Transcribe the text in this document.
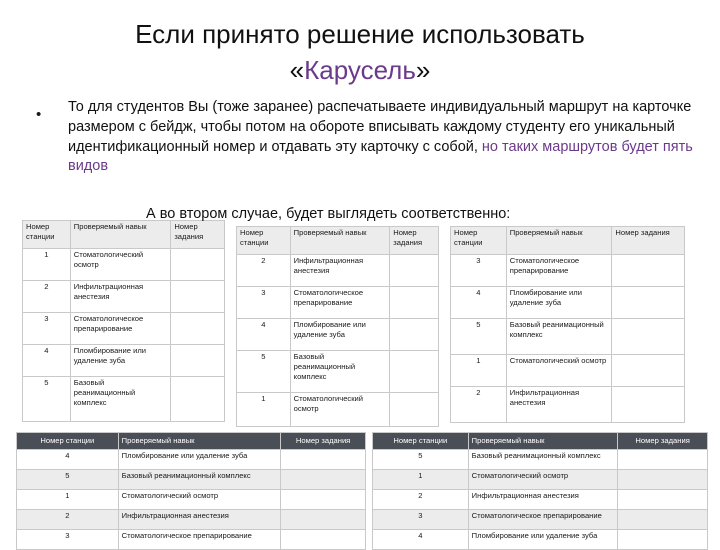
Если принято решение использовать
«Карусель»
• То для студентов Вы (тоже заранее) распечатываете индивидуальный маршрут на карточке размером с бейдж, чтобы потом на обороте вписывать каждому студенту его уникальный идентификационный номер и отдавать эту карточку с собой, но таких маршрутов будет пять видов
Номер станции	Проверяемый навык	Номер задания
1	Стоматологический осмотр	
2	Инфильтрационная анестезия	
3	Стоматологическое препарирование	
4	Пломбирование или удаление зуба	
5	Базовый реанимационный комплекс	
Номер станции	Проверяемый навык	Номер задания
2	Инфильтрационная анестезия	
3	Стоматологическое препарирование	
4	Пломбирование или удаление зуба	
5	Базовый реанимационный комплекс	
1	Стоматологический осмотр	
Номер станции	Проверяемый навык	Номер задания
3	Стоматологическое препарирование	
4	Пломбирование или удаление зуба	
5	Базовый реанимационный комплекс	
1	Стоматологический осмотр	
2	Инфильтрационная анестезия	
Номер станции	Проверяемый навык	Номер задания
4	Пломбирование или удаление зуба	
5	Базовый реанимационный комплекс	
1	Стоматологический осмотр	
2	Инфильтрационная анестезия	
3	Стоматологическое препарирование	
Номер станции	Проверяемый навык	Номер задания
5	Базовый реанимационный комплекс	
1	Стоматологический осмотр	
2	Инфильтрационная анестезия	
3	Стоматологическое препарирование	
4	Пломбирование или удаление зуба	
А во втором случае, будет выглядеть соответственно:
